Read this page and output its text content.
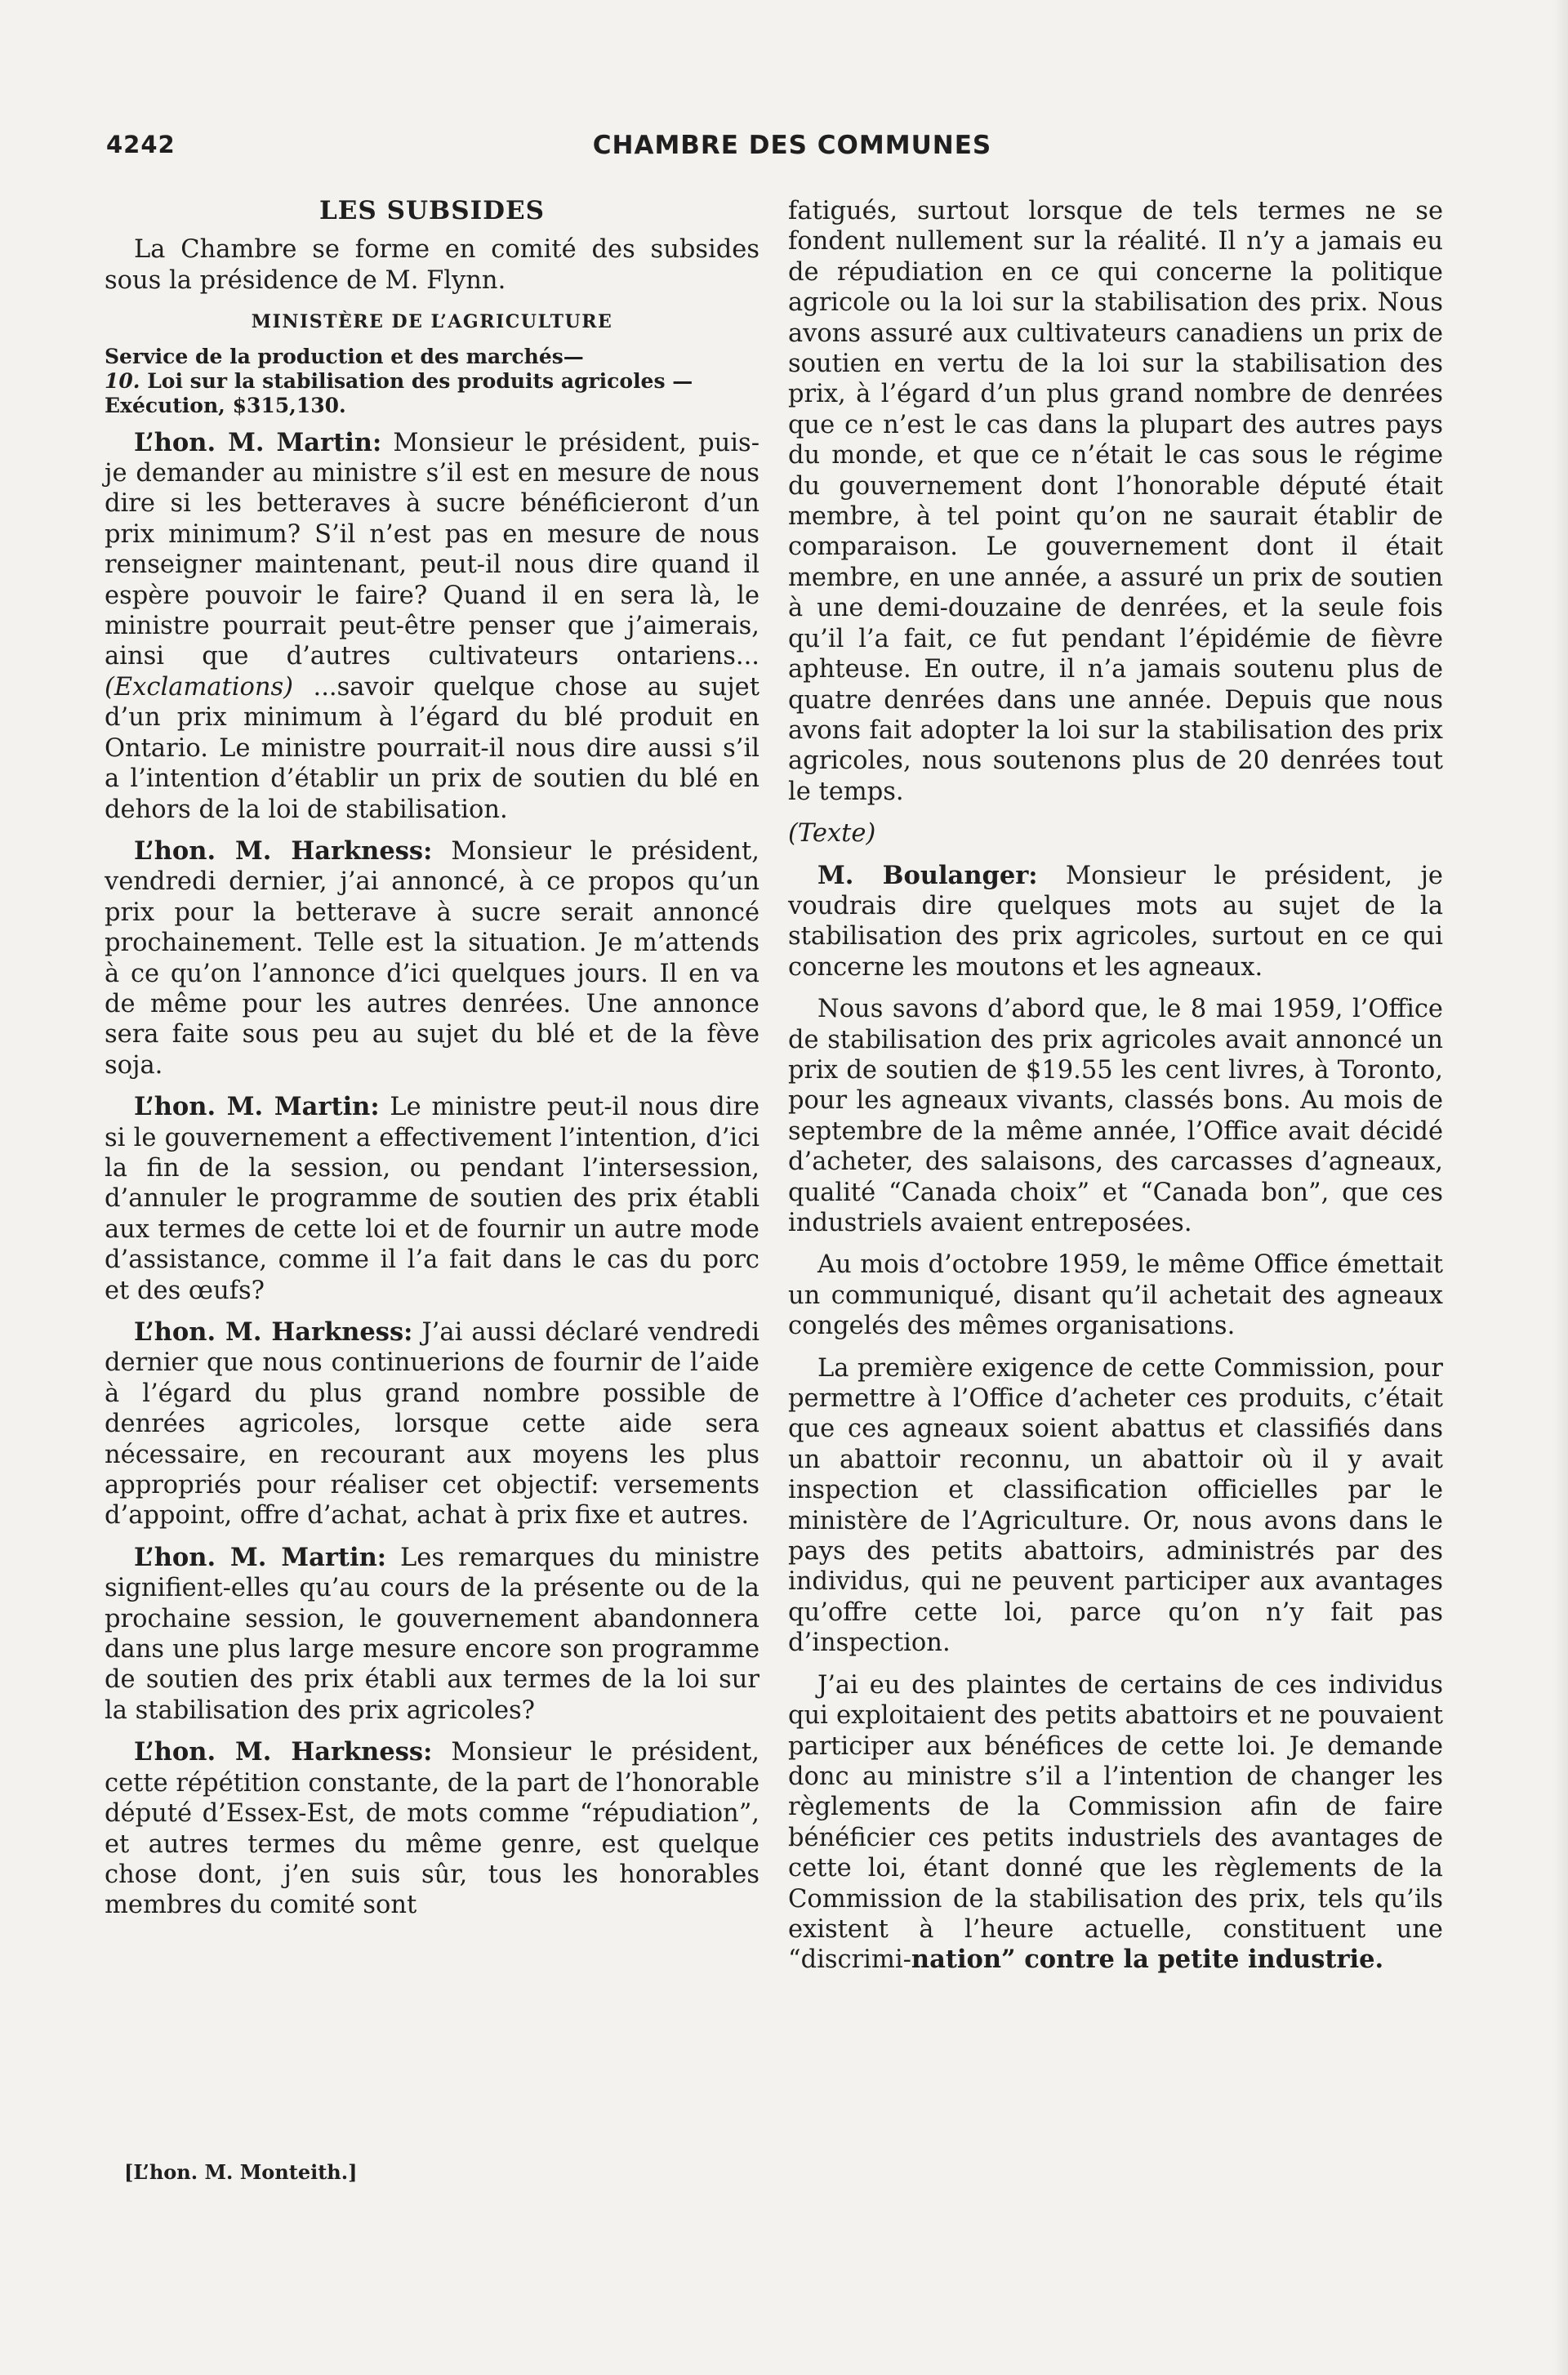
4242	CHAMBRE DES COMMUNES
LES SUBSIDES

La Chambre se forme en comité des subsides sous la présidence de M. Flynn.

MINISTÈRE DE L’AGRICULTURE
Service de la production et des marchés—
10. Loi sur la stabilisation des produits agricoles —Exécution, $315,130.

L’hon. M. Martin: Monsieur le président, puis-je demander au ministre s’il est en mesure de nous dire si les betteraves à sucre bénéficieront d’un prix minimum? S’il n’est pas en mesure de nous renseigner maintenant, peut-il nous dire quand il espère pouvoir le faire? Quand il en sera là, le ministre pourrait peut-être penser que j’aimerais, ainsi que d’autres cultivateurs ontariens... (Exclamations) ...savoir quelque chose au sujet d’un prix minimum à l’égard du blé produit en Ontario. Le ministre pourrait-il nous dire aussi s’il a l’intention d’établir un prix de soutien du blé en dehors de la loi de stabilisation.

L’hon. M. Harkness: Monsieur le président, vendredi dernier, j’ai annoncé, à ce propos qu’un prix pour la betterave à sucre serait annoncé prochainement. Telle est la situation. Je m’attends à ce qu’on l’annonce d’ici quelques jours. Il en va de même pour les autres denrées. Une annonce sera faite sous peu au sujet du blé et de la fève soja.

L’hon. M. Martin: Le ministre peut-il nous dire si le gouvernement a effectivement l’intention, d’ici la fin de la session, ou pendant l’intersession, d’annuler le programme de soutien des prix établi aux termes de cette loi et de fournir un autre mode d’assistance, comme il l’a fait dans le cas du porc et des œufs?

L’hon. M. Harkness: J’ai aussi déclaré vendredi dernier que nous continuerions de fournir de l’aide à l’égard du plus grand nombre possible de denrées agricoles, lorsque cette aide sera nécessaire, en recourant aux moyens les plus appropriés pour réaliser cet objectif: versements d’appoint, offre d’achat, achat à prix fixe et autres.

L’hon. M. Martin: Les remarques du ministre signifient-elles qu’au cours de la présente ou de la prochaine session, le gouvernement abandonnera dans une plus large mesure encore son programme de soutien des prix établi aux termes de la loi sur la stabilisation des prix agricoles?

L’hon. M. Harkness: Monsieur le président, cette répétition constante, de la part de l’honorable député d’Essex-Est, de mots comme “répudiation”, et autres termes du même genre, est quelque chose dont, j’en suis sûr, tous les honorables membres du comité sont

fatigués, surtout lorsque de tels termes ne se fondent nullement sur la réalité. Il n’y a jamais eu de répudiation en ce qui concerne la politique agricole ou la loi sur la stabilisation des prix. Nous avons assuré aux cultivateurs canadiens un prix de soutien en vertu de la loi sur la stabilisation des prix, à l’égard d’un plus grand nombre de denrées que ce n’est le cas dans la plupart des autres pays du monde, et que ce n’était le cas sous le régime du gouvernement dont l’honorable député était membre, à tel point qu’on ne saurait établir de comparaison. Le gouvernement dont il était membre, en une année, a assuré un prix de soutien à une demi-douzaine de denrées, et la seule fois qu’il l’a fait, ce fut pendant l’épidémie de fièvre aphteuse. En outre, il n’a jamais soutenu plus de quatre denrées dans une année. Depuis que nous avons fait adopter la loi sur la stabilisation des prix agricoles, nous soutenons plus de 20 denrées tout le temps.

(Texte)

M. Boulanger: Monsieur le président, je voudrais dire quelques mots au sujet de la stabilisation des prix agricoles, surtout en ce qui concerne les moutons et les agneaux.

Nous savons d’abord que, le 8 mai 1959, l’Office de stabilisation des prix agricoles avait annoncé un prix de soutien de $19.55 les cent livres, à Toronto, pour les agneaux vivants, classés bons. Au mois de septembre de la même année, l’Office avait décidé d’acheter, des salaisons, des carcasses d’agneaux, qualité “Canada choix” et “Canada bon”, que ces industriels avaient entreposées.

Au mois d’octobre 1959, le même Office émettait un communiqué, disant qu’il achetait des agneaux congelés des mêmes organisations.

La première exigence de cette Commission, pour permettre à l’Office d’acheter ces produits, c’était que ces agneaux soient abattus et classifiés dans un abattoir reconnu, un abattoir où il y avait inspection et classification officielles par le ministère de l’Agriculture. Or, nous avons dans le pays des petits abattoirs, administrés par des individus, qui ne peuvent participer aux avantages qu’offre cette loi, parce qu’on n’y fait pas d’inspection.

J’ai eu des plaintes de certains de ces individus qui exploitaient des petits abattoirs et ne pouvaient participer aux bénéfices de cette loi. Je demande donc au ministre s’il a l’intention de changer les règlements de la Commission afin de faire bénéficier ces petits industriels des avantages de cette loi, étant donné que les règlements de la Commission de la stabilisation des prix, tels qu’ils existent à l’heure actuelle, constituent une “discrimi-nation” contre la petite industrie.

[L’hon. M. Monteith.]
